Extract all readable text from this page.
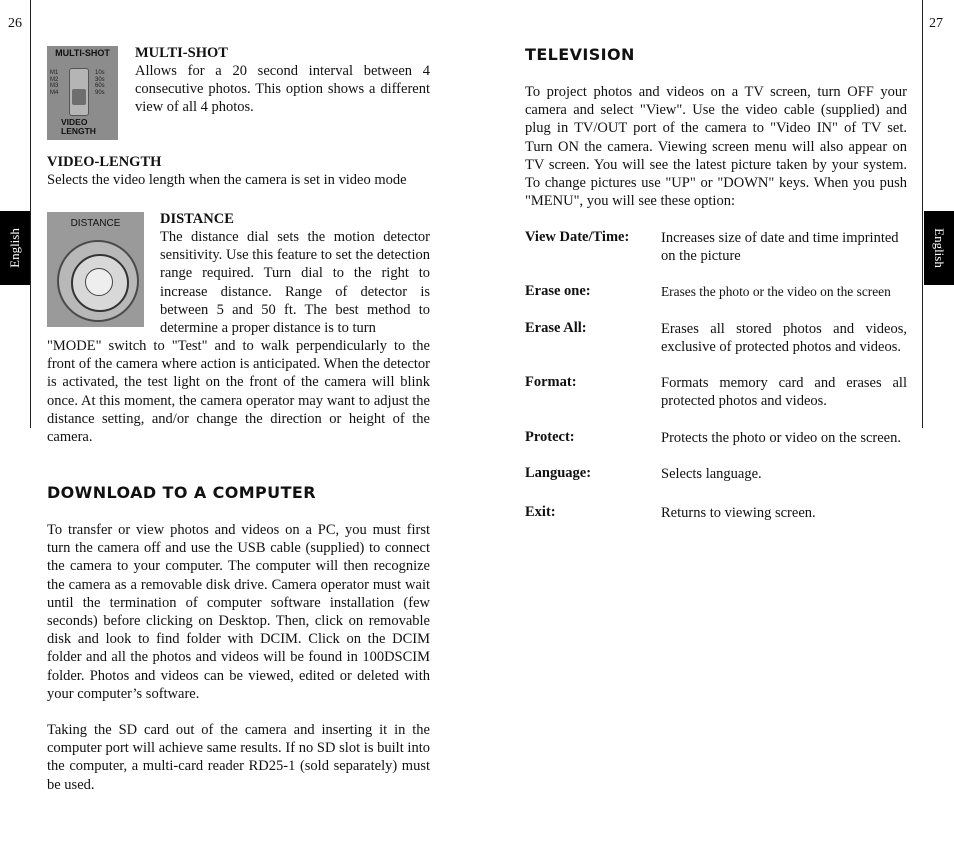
26	27
English	English
MULTI-SHOT
M1
M2
M3
M4
10s
30s
60s
90s
VIDEO
LENGTH
MULTI-SHOT
Allows for a 20 second interval between 4 consecutive photos. This option shows a different view of all 4 photos.
VIDEO-LENGTH
Selects the video length when the camera is set in video mode
DISTANCE	DISTANCE
The distance dial sets the motion detector sensitivity. Use this feature to set the detection range required. Turn dial to the right to increase distance. Range of detector is between 5 and 50 ft. The best method to determine a proper distance is to turn
"MODE" switch to "Test" and to walk perpendicularly to the front of the camera where action is anticipated. When the detector is activated, the test light on the front of the camera will blink once. At this moment, the camera operator may want to adjust the distance setting, and/or change the direction or height of the camera.
DOWNLOAD TO A COMPUTER
To transfer or view photos and videos on a PC, you must first turn the camera off and use the USB cable (supplied) to connect the camera to your computer. The computer will then recognize the camera as a removable disk drive. Camera operator must wait until the termination of computer software installation (few seconds) before clicking on Desktop. Then, click on removable disk and look to find folder with DCIM. Click on the DCIM folder and all the photos and videos will be found in 100DSCIM folder. Photos and videos can be viewed, edited or deleted with your computer’s software.
Taking the SD card out of the camera and inserting it in the computer port will achieve same results. If no SD slot is built into the computer, a multi-card reader RD25-1 (sold separately) must be used.
TELEVISION
To project photos and videos on a TV screen, turn OFF your camera and select "View". Use the video cable (supplied) and plug in TV/OUT port of the camera to "Video IN" of TV set. Turn ON the camera. Viewing screen menu will also appear on TV screen. You will see the latest picture taken by your system. To change pictures use "UP" or "DOWN" keys. When you push "MENU", you will see these option:
View Date/Time: Increases size of date and time imprinted on the picture
Erase one:	Erases the photo or the video on the screen
Erase All:	Erases all stored photos and videos, exclusive of protected photos and videos.
Format:	Formats memory card and erases all protected photos and videos.
Protect:	Protects the photo or video on the screen.
Language:	Selects language.
Exit:	Returns to viewing screen.
